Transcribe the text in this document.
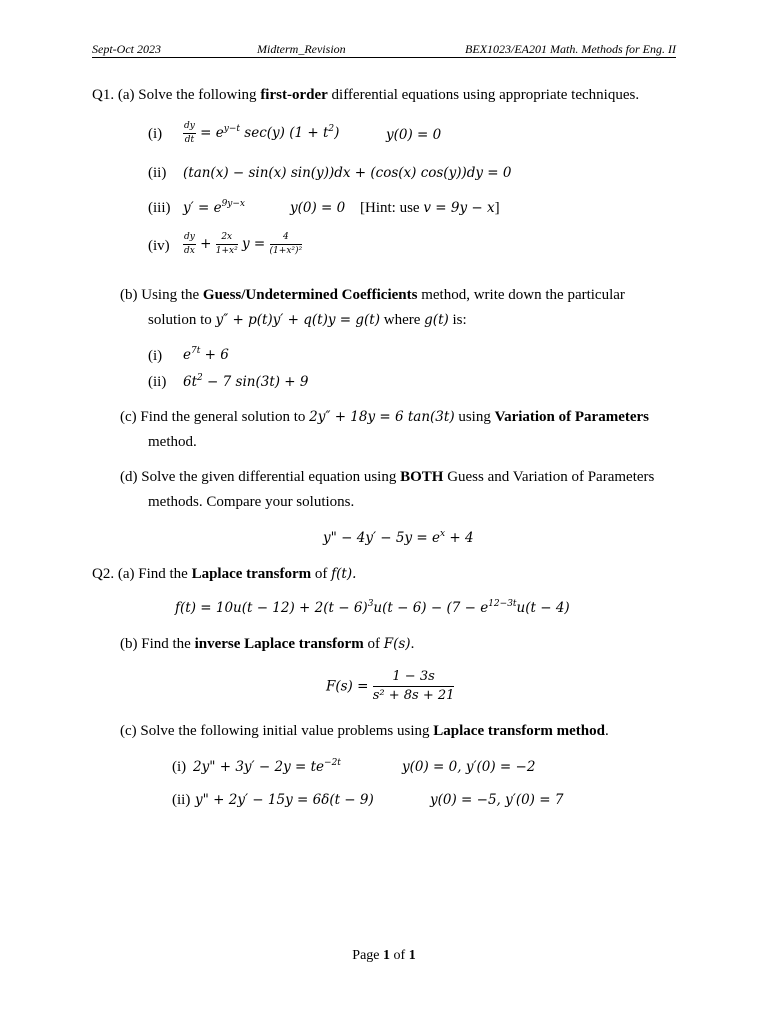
Sept-Oct 2023	Midterm_Revision	BEX1023/EA201 Math. Methods for Eng. II
Q1. (a) Solve the following first-order differential equations using appropriate techniques.
$(i) \frac{dy}{dt} = e^{y-t}$ sec(y) $(1 + t^2)$	y(0) = 0
(ii) (tan(x) − sin(x) sin(y))dx + (cos(x) cos(y))dy = 0
(iii) $y' = e^{9y-x}$	y(0) = 0 [Hint: use v = 9y − x]
$(iv) \frac{dy}{dx} + \frac{2x}{\text{1+x²}}$ $y = \frac{4}{\text{(1+x²)²}}$
(b) Using the Guess/Undetermined Coefficients method, write down the particular
solution to y″ + p(t)y′ + q(t)y = g(t) where g(t) is:
(i) $e^{7t} + 6$
(ii) $6t^2 - 7$ sin(3t) + 9
(c) Find the general solution to 2y″ + 18y = 6 tan(3t) using Variation of Parameters
method.
(d) Solve the given differential equation using BOTH Guess and Variation of Parameters
methods. Compare your solutions.
y" − $4y' - 5y = e^x + 4$
Q2. (a) Find the Laplace transform of f(t).
$f(t) = 10u(t - 12) + 2(t - 6)^3u(t - 6) - (7 - e^{12-3t}u(t - 4)$
(b) Find the inverse Laplace transform of F(s).
$F(s) = \frac{1 - 3s}{\text{s² + 8s + 21}}$
(c) Solve the following initial value problems using Laplace transform method.
(i) 2y" + $3y' - 2y = te^{-2t}$	y(0) = 0, y′(0) = −2
(ii) y" + 2y′ − 15y = 6δ(t − 9)	y(0) = −5, y′(0) = 7
Page 1 of 1
